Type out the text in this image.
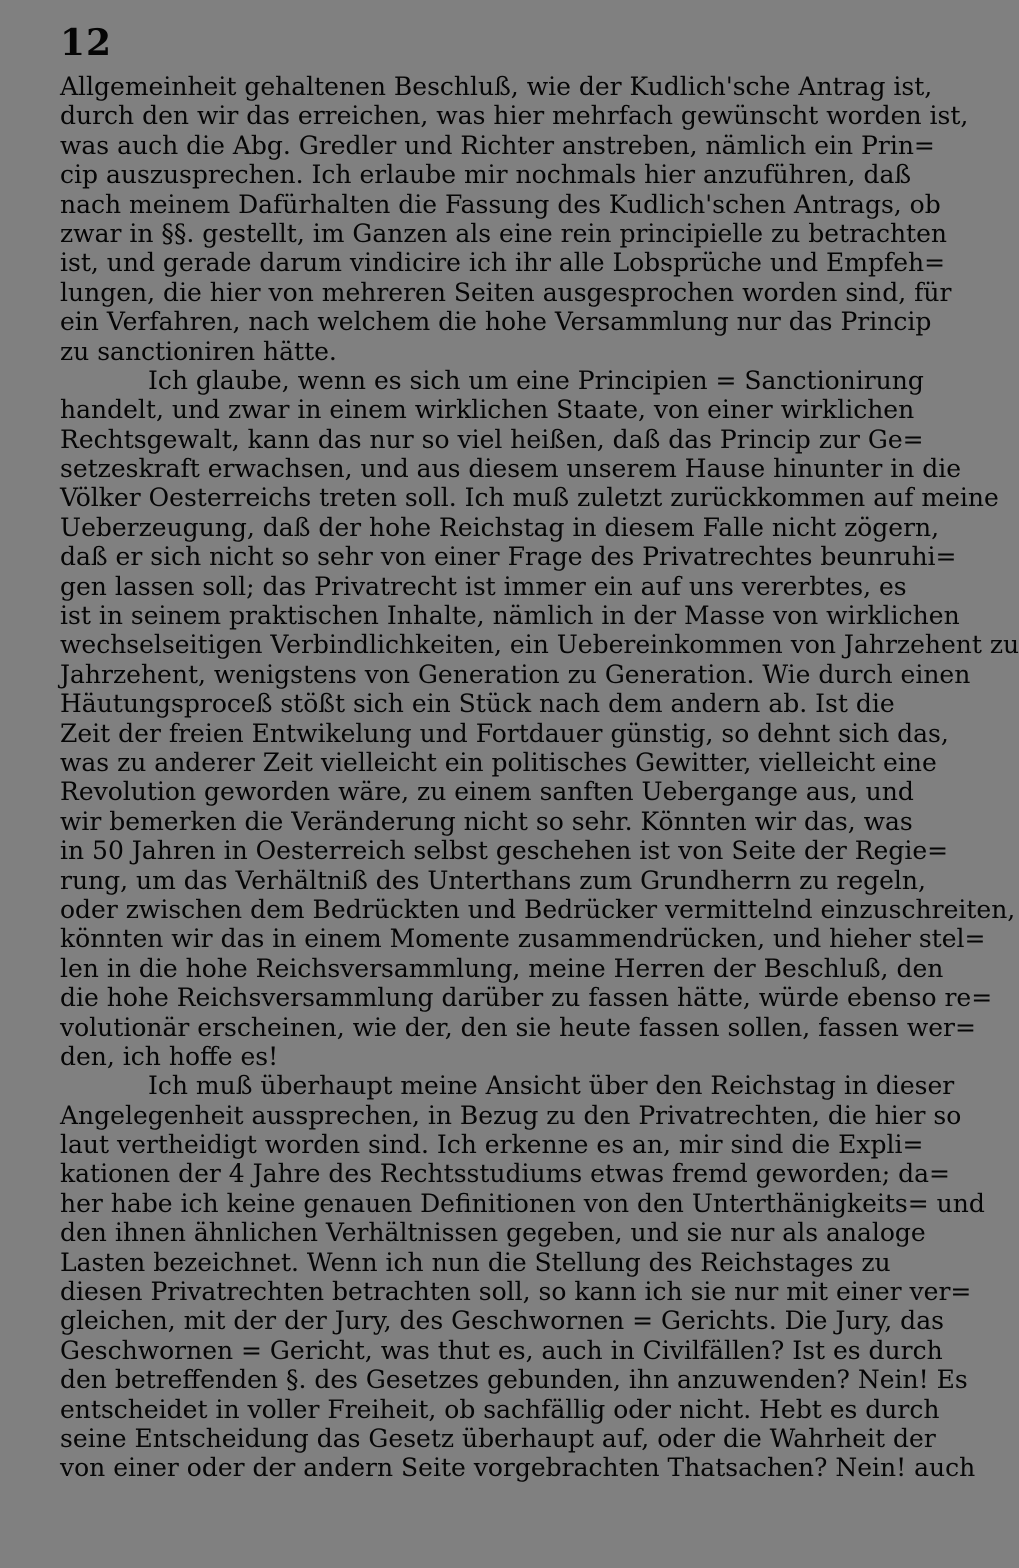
12
Allgemeinheit gehaltenen Beschluß, wie der Kudlich'sche Antrag ist,
durch den wir das erreichen, was hier mehrfach gewünscht worden ist,
was auch die Abg. Gredler und Richter anstreben, nämlich ein Prin=
cip auszusprechen. Ich erlaube mir nochmals hier anzuführen, daß
nach meinem Dafürhalten die Fassung des Kudlich'schen Antrags, ob
zwar in §§. gestellt, im Ganzen als eine rein principielle zu betrachten
ist, und gerade darum vindicire ich ihr alle Lobsprüche und Empfeh=
lungen, die hier von mehreren Seiten ausgesprochen worden sind, für
ein Verfahren, nach welchem die hohe Versammlung nur das Princip
zu sanctioniren hätte.
Ich glaube, wenn es sich um eine Principien = Sanctionirung
handelt, und zwar in einem wirklichen Staate, von einer wirklichen
Rechtsgewalt, kann das nur so viel heißen, daß das Princip zur Ge=
setzeskraft erwachsen, und aus diesem unserem Hause hinunter in die
Völker Oesterreichs treten soll. Ich muß zuletzt zurückkommen auf meine
Ueberzeugung, daß der hohe Reichstag in diesem Falle nicht zögern,
daß er sich nicht so sehr von einer Frage des Privatrechtes beunruhi=
gen lassen soll; das Privatrecht ist immer ein auf uns vererbtes, es
ist in seinem praktischen Inhalte, nämlich in der Masse von wirklichen
wechselseitigen Verbindlichkeiten, ein Uebereinkommen von Jahrzehent zu
Jahrzehent, wenigstens von Generation zu Generation. Wie durch einen
Häutungsproceß stößt sich ein Stück nach dem andern ab. Ist die
Zeit der freien Entwikelung und Fortdauer günstig, so dehnt sich das,
was zu anderer Zeit vielleicht ein politisches Gewitter, vielleicht eine
Revolution geworden wäre, zu einem sanften Uebergange aus, und
wir bemerken die Veränderung nicht so sehr. Könnten wir das, was
in 50 Jahren in Oesterreich selbst geschehen ist von Seite der Regie=
rung, um das Verhältniß des Unterthans zum Grundherrn zu regeln,
oder zwischen dem Bedrückten und Bedrücker vermittelnd einzuschreiten,
könnten wir das in einem Momente zusammendrücken, und hieher stel=
len in die hohe Reichsversammlung, meine Herren der Beschluß, den
die hohe Reichsversammlung darüber zu fassen hätte, würde ebenso re=
volutionär erscheinen, wie der, den sie heute fassen sollen, fassen wer=
den, ich hoffe es!
Ich muß überhaupt meine Ansicht über den Reichstag in dieser
Angelegenheit aussprechen, in Bezug zu den Privatrechten, die hier so
laut vertheidigt worden sind. Ich erkenne es an, mir sind die Expli=
kationen der 4 Jahre des Rechtsstudiums etwas fremd geworden; da=
her habe ich keine genauen Definitionen von den Unterthänigkeits= und
den ihnen ähnlichen Verhältnissen gegeben, und sie nur als analoge
Lasten bezeichnet. Wenn ich nun die Stellung des Reichstages zu
diesen Privatrechten betrachten soll, so kann ich sie nur mit einer ver=
gleichen, mit der der Jury, des Geschwornen = Gerichts. Die Jury, das
Geschwornen = Gericht, was thut es, auch in Civilfällen? Ist es durch
den betreffenden §. des Gesetzes gebunden, ihn anzuwenden? Nein! Es
entscheidet in voller Freiheit, ob sachfällig oder nicht. Hebt es durch
seine Entscheidung das Gesetz überhaupt auf, oder die Wahrheit der
von einer oder der andern Seite vorgebrachten Thatsachen? Nein! auch
